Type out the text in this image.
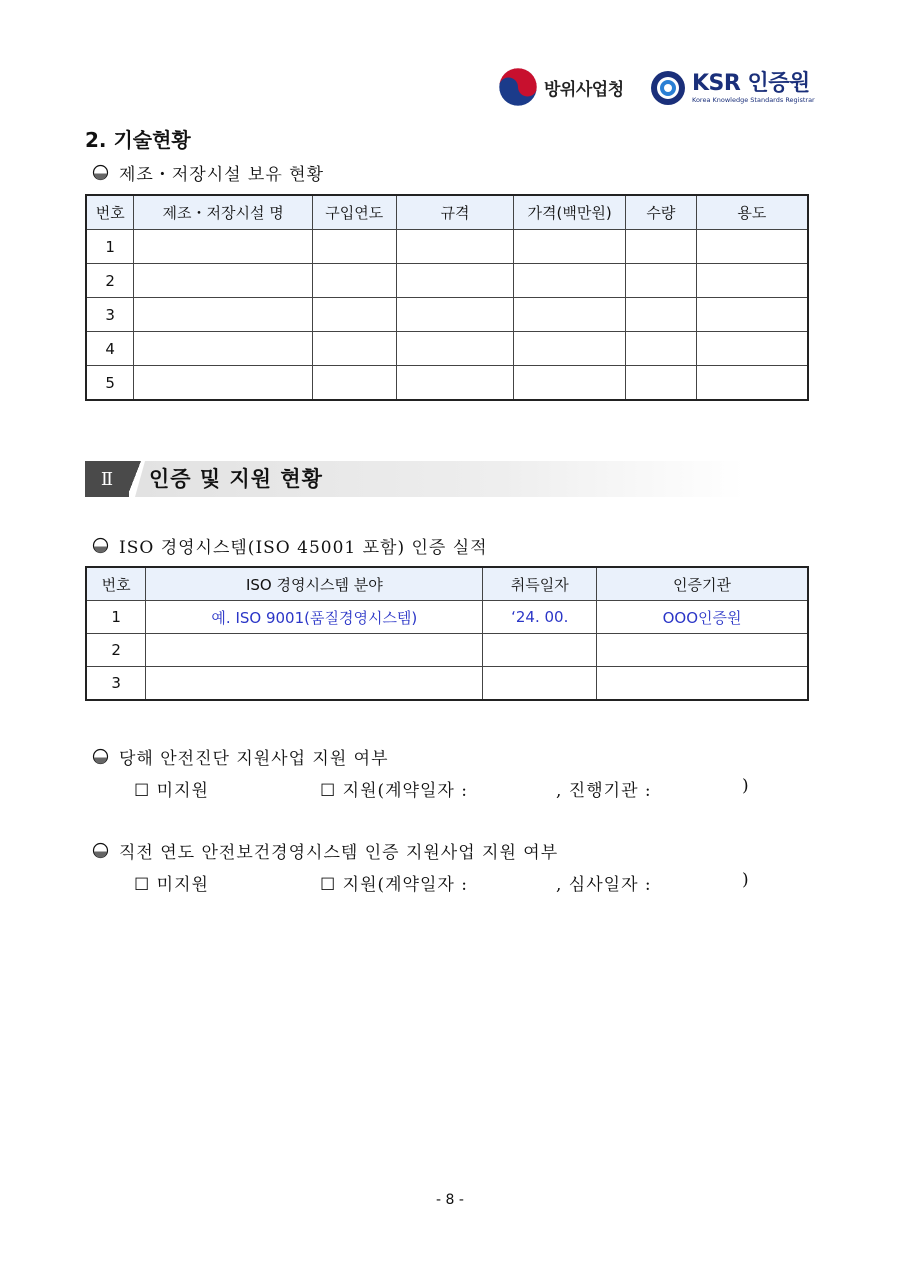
방위사업청	KSR 인증원
Korea Knowledge Standards Registrar
2. 기술현황
제조・저장시설 보유 현황
번호	제조・저장시설 명	구입연도	규격	가격(백만원)	수량	용도
1						
2						
3						
4						
5						
Ⅱ	인증 및 지원 현황
ISO 경영시스템(ISO 45001 포함) 인증 실적
번호	ISO 경영시스템 분야	취득일자	인증기관
1	예. ISO 9001(품질경영시스템)	‘24. 00.	OOO인증원
2			
3			
당해 안전진단 지원사업 지원 여부
☐ 미지원	☐ 지원(계약일자 :	, 진행기관 :	)
직전 연도 안전보건경영시스템 인증 지원사업 지원 여부
☐ 미지원	☐ 지원(계약일자 :	, 심사일자 :	)
- 8 -
